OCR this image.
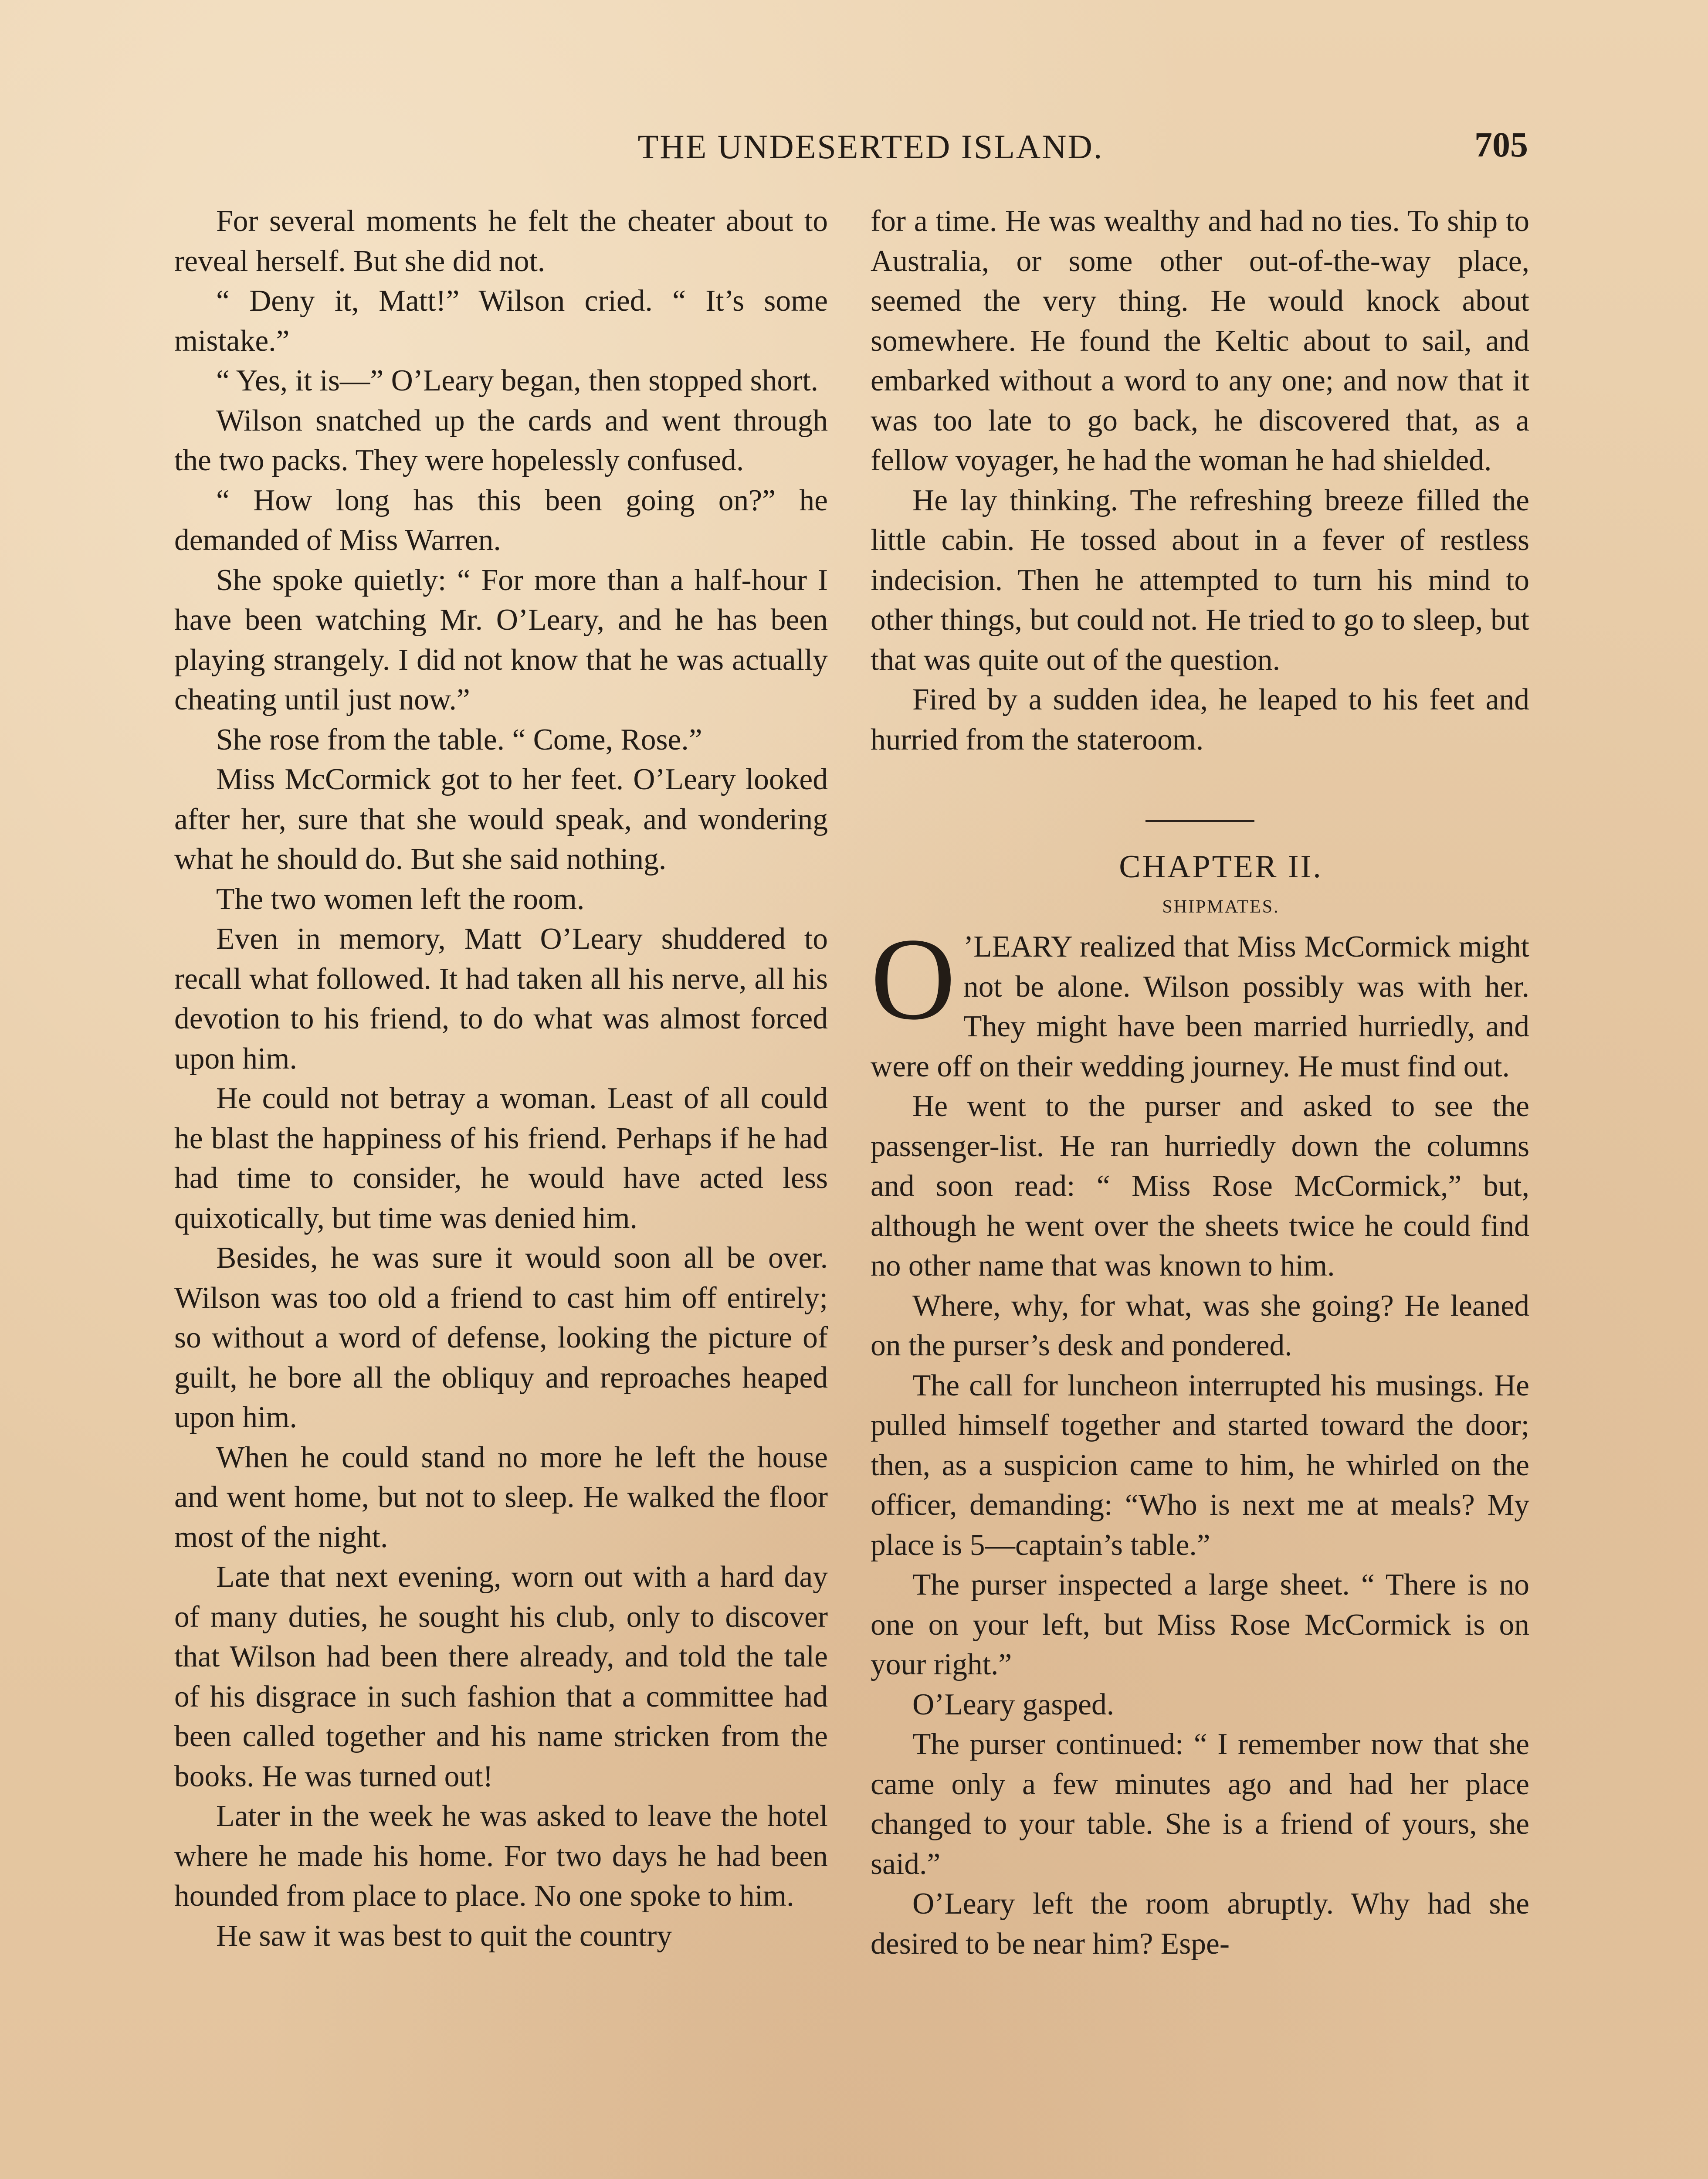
THE UNDESERTED ISLAND.	705

For several moments he felt the cheater about to reveal herself. But she did not.

“ Deny it, Matt!” Wilson cried. “ It’s some mistake.”

“ Yes, it is—” O’Leary began, then stopped short.

Wilson snatched up the cards and went through the two packs. They were hopelessly confused.

“ How long has this been going on?” he demanded of Miss Warren.

She spoke quietly: “ For more than a half-hour I have been watching Mr. O’Leary, and he has been playing strangely. I did not know that he was actually cheating until just now.”

She rose from the table. “ Come, Rose.”

Miss McCormick got to her feet. O’Leary looked after her, sure that she would speak, and wondering what he should do. But she said nothing.

The two women left the room.

Even in memory, Matt O’Leary shuddered to recall what followed. It had taken all his nerve, all his devotion to his friend, to do what was almost forced upon him.

He could not betray a woman. Least of all could he blast the happiness of his friend. Perhaps if he had had time to consider, he would have acted less quixotically, but time was denied him.

Besides, he was sure it would soon all be over. Wilson was too old a friend to cast him off entirely; so without a word of defense, looking the picture of guilt, he bore all the obliquy and reproaches heaped upon him.

When he could stand no more he left the house and went home, but not to sleep. He walked the floor most of the night.

Late that next evening, worn out with a hard day of many duties, he sought his club, only to discover that Wilson had been there already, and told the tale of his disgrace in such fashion that a committee had been called together and his name stricken from the books. He was turned out!

Later in the week he was asked to leave the hotel where he made his home. For two days he had been hounded from place to place. No one spoke to him.

He saw it was best to quit the country

for a time. He was wealthy and had no ties. To ship to Australia, or some other out-of-the-way place, seemed the very thing. He would knock about somewhere. He found the Keltic about to sail, and embarked without a word to any one; and now that it was too late to go back, he discovered that, as a fellow voyager, he had the woman he had shielded.

He lay thinking. The refreshing breeze filled the little cabin. He tossed about in a fever of restless indecision. Then he attempted to turn his mind to other things, but could not. He tried to go to sleep, but that was quite out of the question.

Fired by a sudden idea, he leaped to his feet and hurried from the stateroom.

CHAPTER II.

SHIPMATES.

O ’LEARY realized that Miss McCormick might not be alone. Wilson possibly was with her. They might have been married hurriedly, and were off on their wedding journey. He must find out.

He went to the purser and asked to see the passenger-list. He ran hurriedly down the columns and soon read: “ Miss Rose McCormick,” but, although he went over the sheets twice he could find no other name that was known to him.

Where, why, for what, was she going? He leaned on the purser’s desk and pondered.

The call for luncheon interrupted his musings. He pulled himself together and started toward the door; then, as a suspicion came to him, he whirled on the officer, demanding: “Who is next me at meals? My place is 5—captain’s table.”

The purser inspected a large sheet. “ There is no one on your left, but Miss Rose McCormick is on your right.”

O’Leary gasped.

The purser continued: “ I remember now that she came only a few minutes ago and had her place changed to your table. She is a friend of yours, she said.”

O’Leary left the room abruptly. Why had she desired to be near him? Espe-
